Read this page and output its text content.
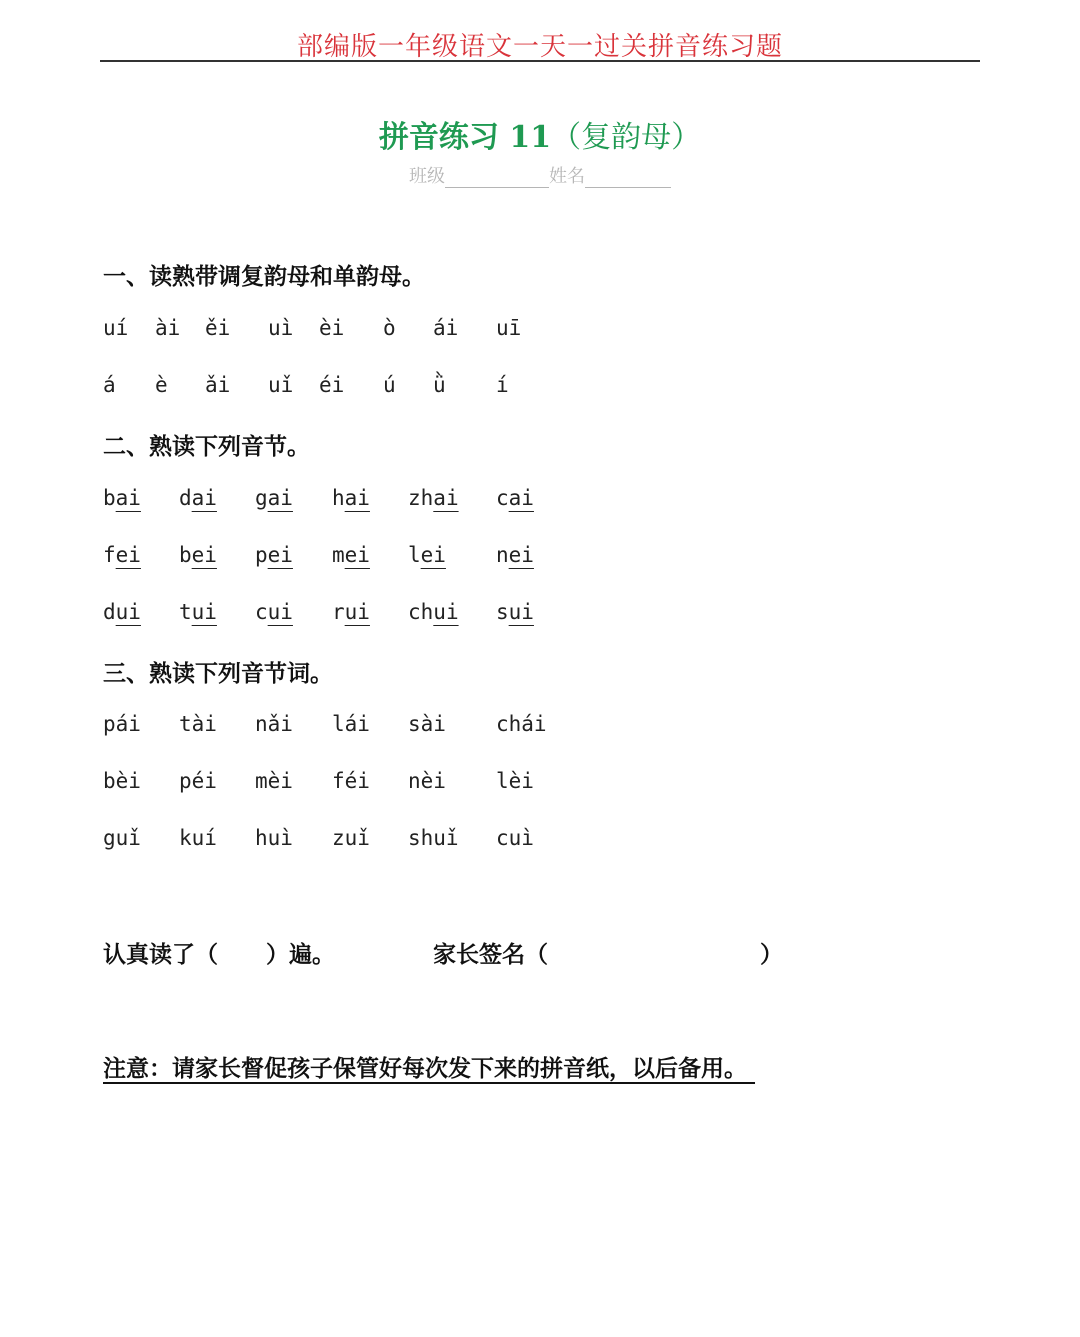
部编版一年级语文一天一过关拼音练习题
拼音练习 11（复韵母）
班级	姓名
一、读熟带调复韵母和单韵母。
uí ài ěi uì èi ò ái uī
á è ǎi uǐ éi ú ǜ í
二、熟读下列音节。
bai dai gai hai zhai cai
fei bei pei mei lei nei
dui tui cui rui chui sui
三、熟读下列音节词。
pái tài nǎi lái sài chái
bèi péi mèi féi nèi lèi
guǐ kuí huì zuǐ shuǐ cuì
认真读了（      ）遍。	家长签名（	）
注意：请家长督促孩子保管好每次发下来的拼音纸，以后备用。
